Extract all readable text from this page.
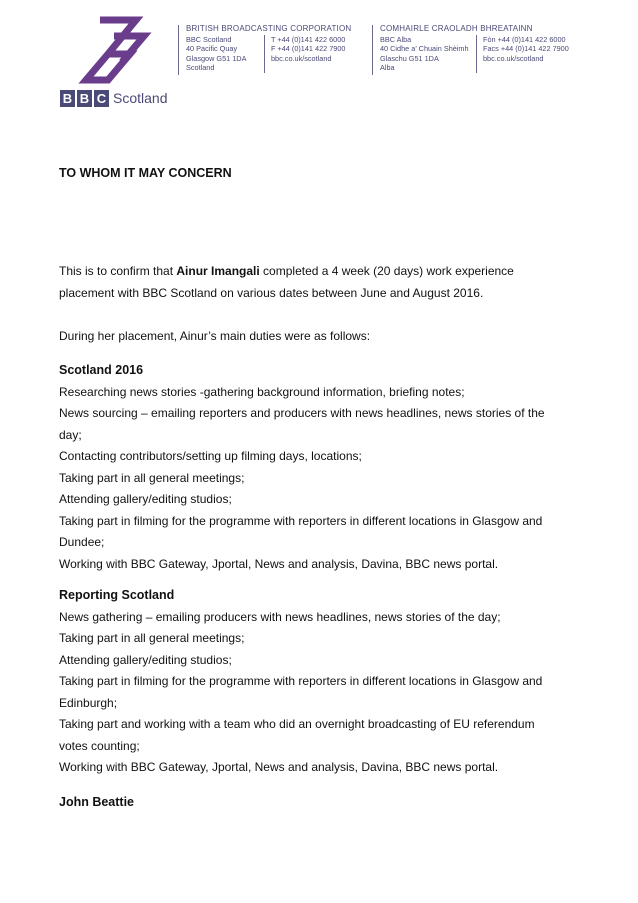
B B C Scotland
BRITISH BROADCASTING CORPORATION
BBC Scotland
40 Pacific Quay
Glasgow G51 1DA
Scotland
T +44 (0)141 422 6000
F +44 (0)141 422 7900
bbc.co.uk/scotland
COMHAIRLE CRAOLADH BHREATAINN
BBC Alba
40 Cidhe a’ Chuain Shèimh
Glaschu G51 1DA
Alba
Fòn +44 (0)141 422 6000
Facs +44 (0)141 422 7900
bbc.co.uk/scotland
TO WHOM IT MAY CONCERN

This is to confirm that Ainur Imangali completed a 4 week (20 days) work experience

placement with BBC Scotland on various dates between June and August 2016.

During her placement, Ainur’s main duties were as follows:

Scotland 2016

Researching news stories -gathering background information, briefing notes;

News sourcing – emailing reporters and producers with news headlines, news stories of the

day;

Contacting contributors/setting up filming days, locations;

Taking part in all general meetings;

Attending gallery/editing studios;

Taking part in filming for the programme with reporters in different locations in Glasgow and

Dundee;

Working with BBC Gateway, Jportal, News and analysis, Davina, BBC news portal.

Reporting Scotland

News gathering – emailing producers with news headlines, news stories of the day;

Taking part in all general meetings;

Attending gallery/editing studios;

Taking part in filming for the programme with reporters in different locations in Glasgow and

Edinburgh;

Taking part and working with a team who did an overnight broadcasting of EU referendum

votes counting;

Working with BBC Gateway, Jportal, News and analysis, Davina, BBC news portal.

John Beattie
